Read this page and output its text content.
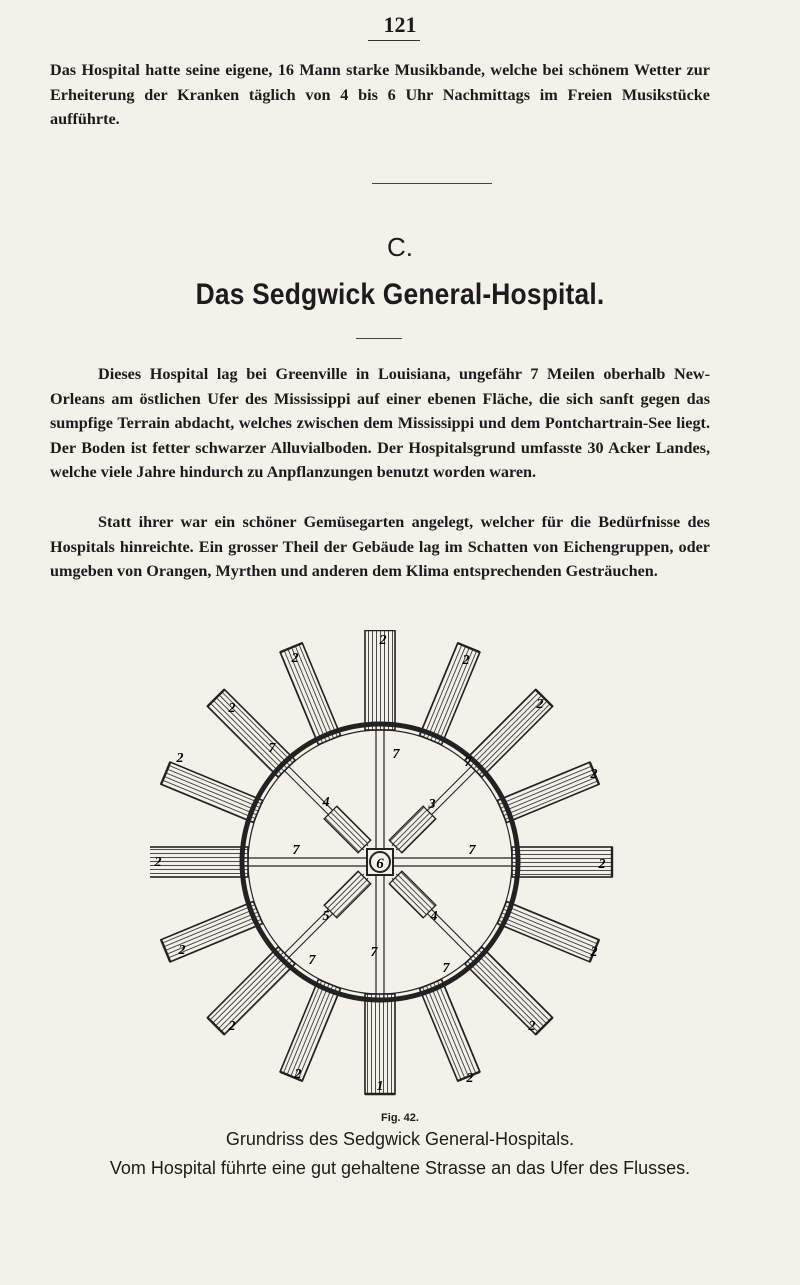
121
Das Hospital hatte seine eigene, 16 Mann starke Musikbande, welche bei schönem Wetter zur Erheiterung der Kranken täglich von 4 bis 6 Uhr Nachmittags im Freien Musikstücke aufführte.
C.
Das Sedgwick General-Hospital.
Dieses Hospital lag bei Greenville in Louisiana, ungefähr 7 Meilen oberhalb New-Orleans am östlichen Ufer des Mississippi auf einer ebenen Fläche, die sich sanft gegen das sumpfige Terrain abdacht, welches zwischen dem Mississippi und dem Pontchartrain-See liegt. Der Boden ist fetter schwarzer Alluvialboden. Der Hospitalsgrund umfasste 30 Acker Landes, welche viele Jahre hindurch zu Anpflanzungen benutzt worden waren.
Statt ihrer war ein schöner Gemüsegarten angelegt, welcher für die Bedürfnisse des Hospitals hinreichte. Ein grosser Theil der Gebäude lag im Schatten von Eichengruppen, oder umgeben von Orangen, Myrthen und anderen dem Klima entsprechenden Gesträuchen.
6
2
2
2
2
2
2
2
2	2
2
2
2
2
2
2
1
7	7
7
7	7
7
7
7
3
4
5	4
Fig. 42.
Grundriss des Sedgwick General-Hospitals.
Vom Hospital führte eine gut gehaltene Strasse an das Ufer des Flusses.
